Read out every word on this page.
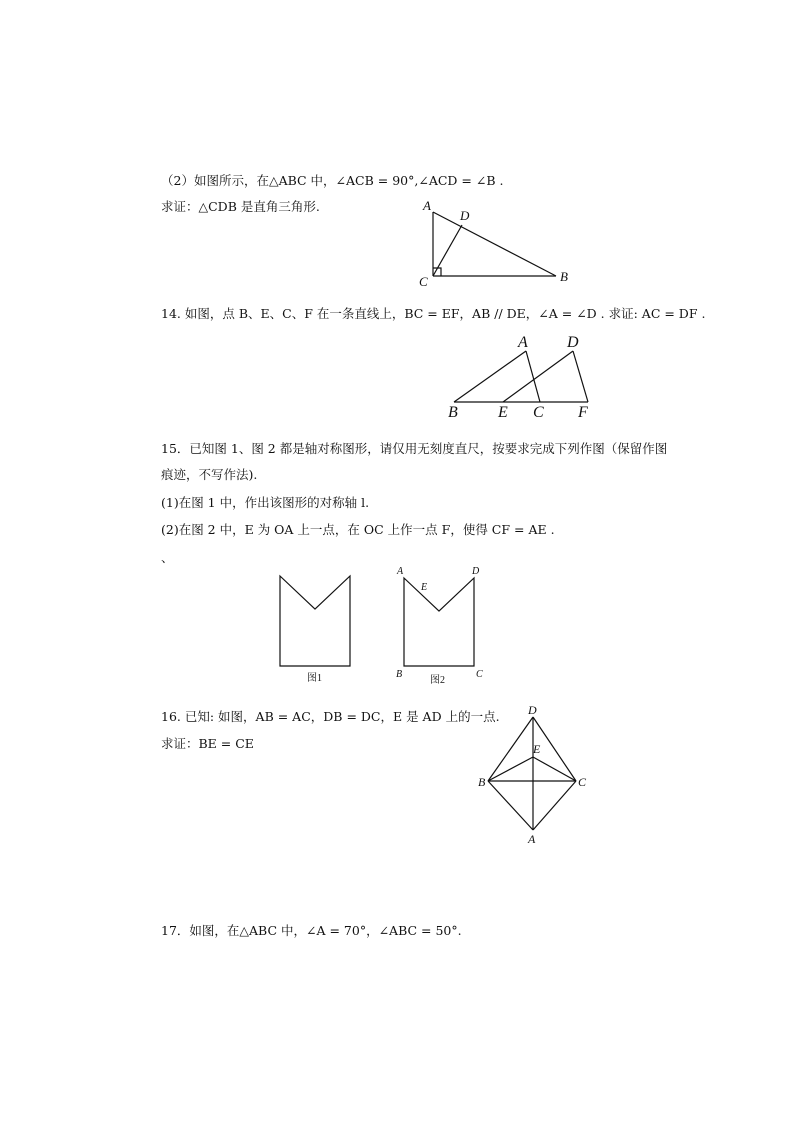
（2）如图所示，在△ABC 中，∠ACB = 90°,∠ACD = ∠B .
求证：△CDB 是直角三角形.	A
D
C	B
14. 如图，点 B、E、C、F 在一条直线上，BC = EF，AB // DE，∠A = ∠D . 求证: AC = DF .
A D
B	E C F
15．已知图 1、图 2 都是轴对称图形，请仅用无刻度直尺，按要求完成下列作图（保留作图
痕迹，不写作法).
(1)在图 1 中，作出该图形的对称轴 l.
(2)在图 2 中，E 为 OA 上一点，在 OC 上作一点 F，使得 CF = AE .
、
图1
A	D
E
B	C
图2
16. 已知: 如图，AB = AC，DB = DC，E 是 AD 上的一点.
求证：BE = CE
D
E
B	C
A
17．如图，在△ABC 中，∠A = 70°，∠ABC = 50°.
